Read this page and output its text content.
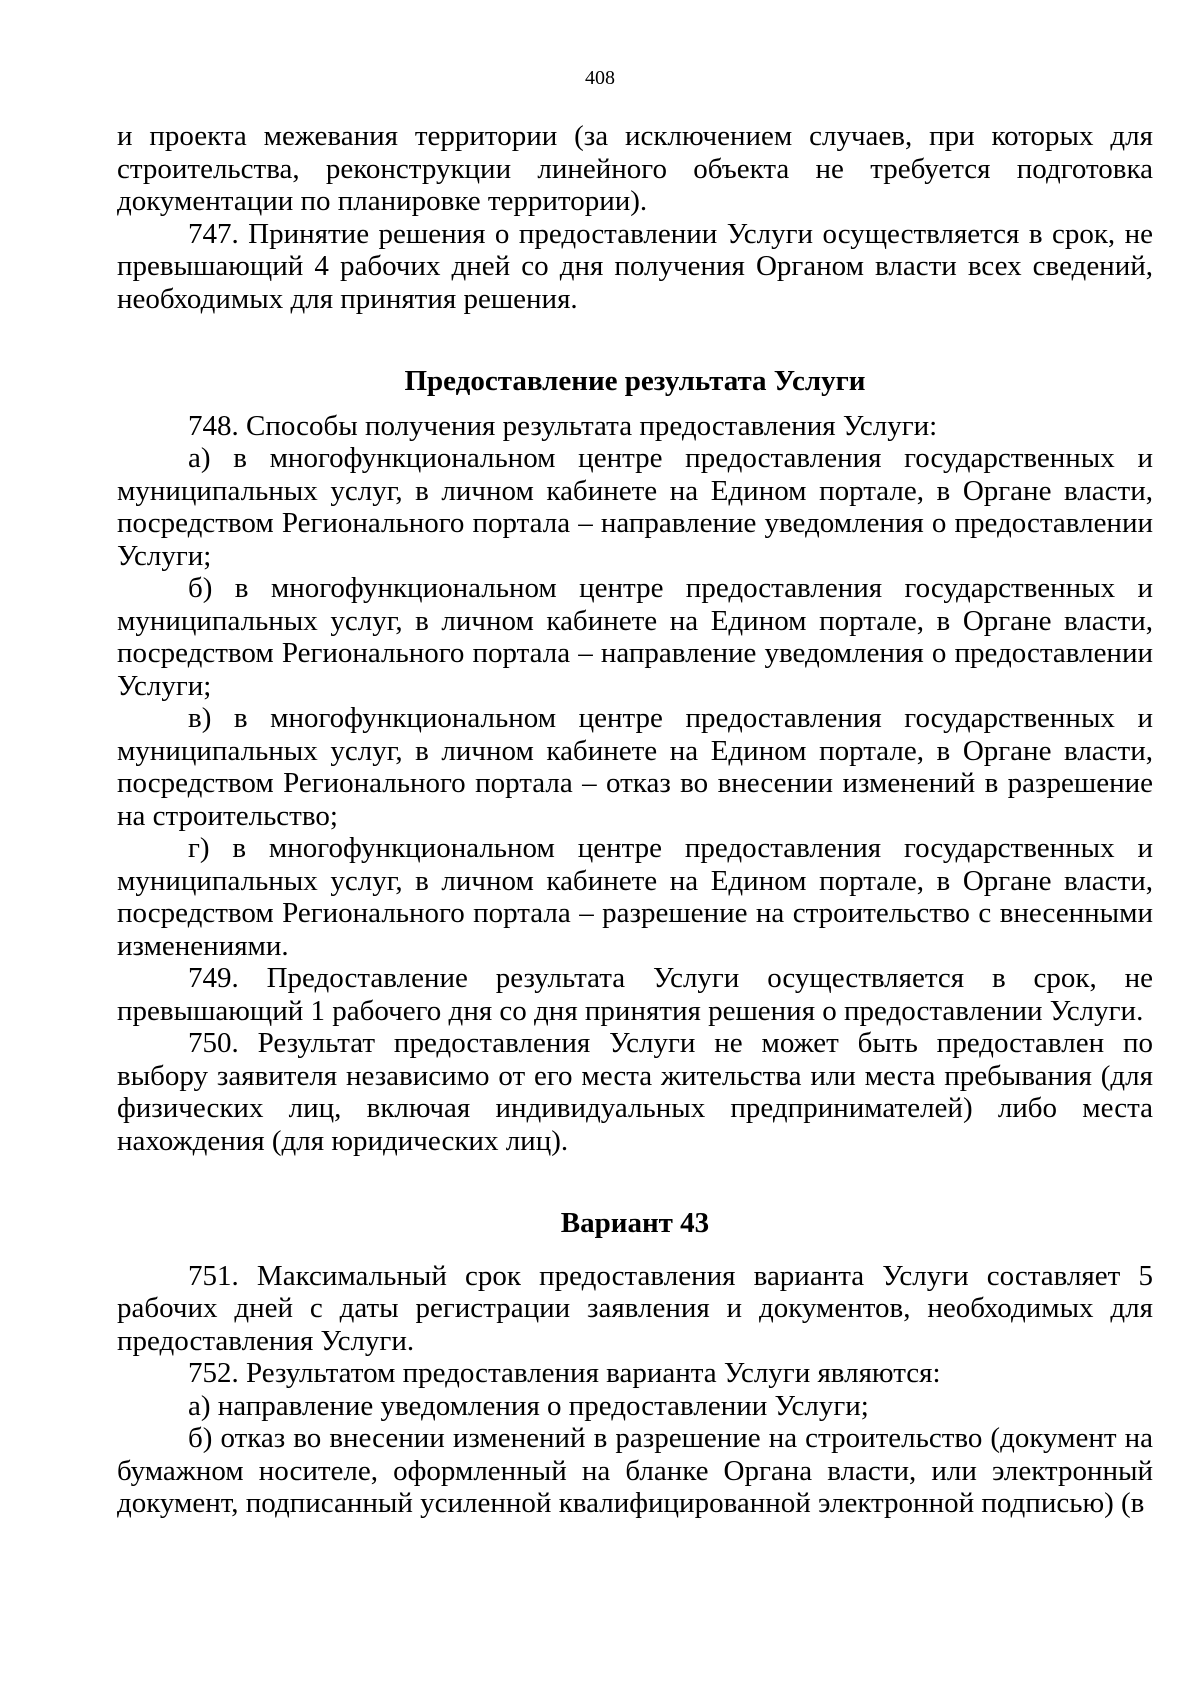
408

и проекта межевания территории (за исключением случаев, при которых для строительства, реконструкции линейного объекта не требуется подготовка документации по планировке территории).

747. Принятие решения о предоставлении Услуги осуществляется в срок, не превышающий 4 рабочих дней со дня получения Органом власти всех сведений, необходимых для принятия решения.

Предоставление результата Услуги

748. Способы получения результата предоставления Услуги:

а) в многофункциональном центре предоставления государственных и муниципальных услуг, в личном кабинете на Едином портале, в Органе власти, посредством Регионального портала – направление уведомления о предоставлении Услуги;

б) в многофункциональном центре предоставления государственных и муниципальных услуг, в личном кабинете на Едином портале, в Органе власти, посредством Регионального портала – направление уведомления о предоставлении Услуги;

в) в многофункциональном центре предоставления государственных и муниципальных услуг, в личном кабинете на Едином портале, в Органе власти, посредством Регионального портала – отказ во внесении изменений в разрешение на строительство;

г) в многофункциональном центре предоставления государственных и муниципальных услуг, в личном кабинете на Едином портале, в Органе власти, посредством Регионального портала – разрешение на строительство с внесенными изменениями.

749. Предоставление результата Услуги осуществляется в срок, не превышающий 1 рабочего дня со дня принятия решения о предоставлении Услуги.

750. Результат предоставления Услуги не может быть предоставлен по выбору заявителя независимо от его места жительства или места пребывания (для физических лиц, включая индивидуальных предпринимателей) либо места нахождения (для юридических лиц).

Вариант 43

751. Максимальный срок предоставления варианта Услуги составляет 5 рабочих дней с даты регистрации заявления и документов, необходимых для предоставления Услуги.

752. Результатом предоставления варианта Услуги являются:

а) направление уведомления о предоставлении Услуги;

б) отказ во внесении изменений в разрешение на строительство (документ на бумажном носителе, оформленный на бланке Органа власти, или электронный документ, подписанный усиленной квалифицированной электронной подписью) (в
